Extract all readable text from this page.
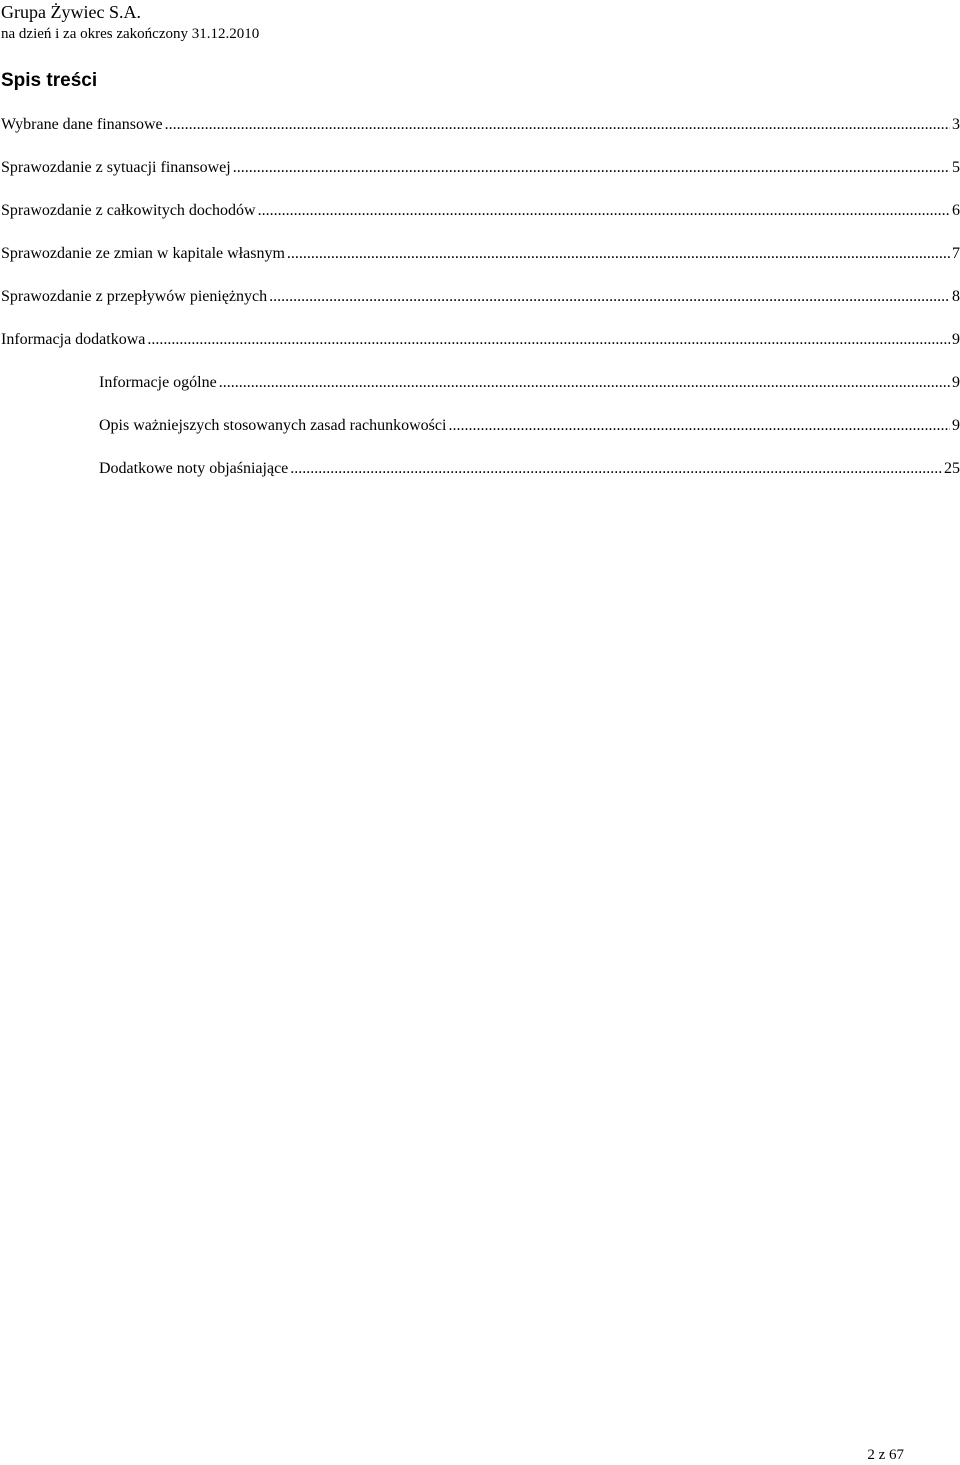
Grupa Żywiec S.A.
na dzień i za okres zakończony 31.12.2010
Spis treści
Wybrane dane finansowe .....	3
Sprawozdanie z sytuacji finansowej .....	5
Sprawozdanie z całkowitych dochodów .....	6
Sprawozdanie ze zmian w kapitale własnym .....	7
Sprawozdanie z przepływów pieniężnych .....	8
Informacja dodatkowa .....	9
Informacje ogólne .....	9
Opis ważniejszych stosowanych zasad rachunkowości .....	9
Dodatkowe noty objaśniające .....	25
2 z 67
